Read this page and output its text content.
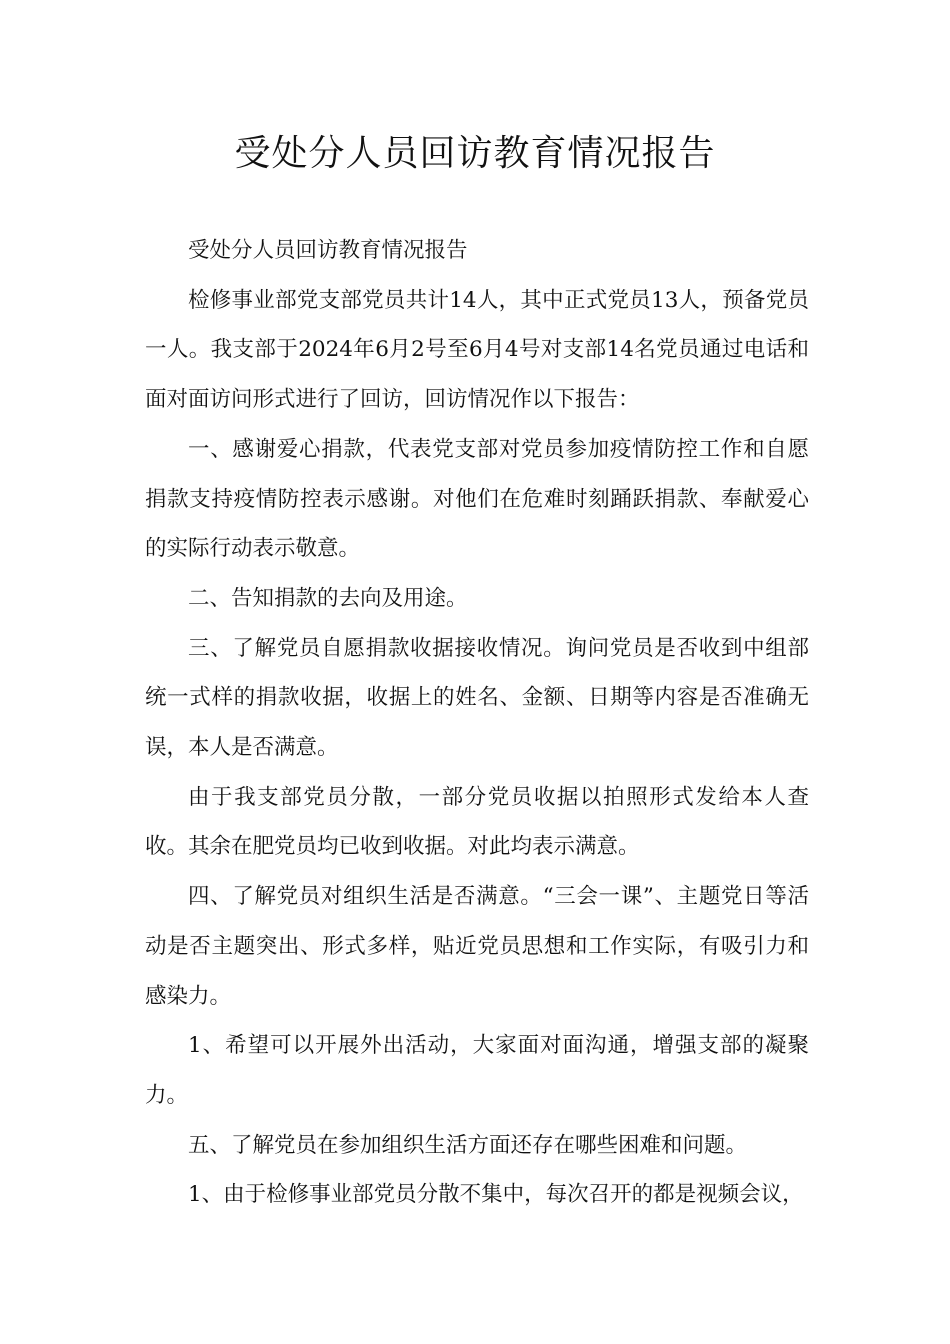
受处分人员回访教育情况报告

受处分人员回访教育情况报告

检修事业部党支部党员共计14人，其中正式党员13人，预备党员一人。我支部于2024年6月2号至6月4号对支部14名党员通过电话和面对面访问形式进行了回访，回访情况作以下报告：

一、感谢爱心捐款，代表党支部对党员参加疫情防控工作和自愿捐款支持疫情防控表示感谢。对他们在危难时刻踊跃捐款、奉献爱心的实际行动表示敬意。

二、告知捐款的去向及用途。

三、了解党员自愿捐款收据接收情况。询问党员是否收到中组部统一式样的捐款收据，收据上的姓名、金额、日期等内容是否准确无误，本人是否满意。

由于我支部党员分散，一部分党员收据以拍照形式发给本人查收。其余在肥党员均已收到收据。对此均表示满意。

四、了解党员对组织生活是否满意。“三会一课”、主题党日等活动是否主题突出、形式多样，贴近党员思想和工作实际，有吸引力和感染力。

1、希望可以开展外出活动，大家面对面沟通，增强支部的凝聚力。

五、了解党员在参加组织生活方面还存在哪些困难和问题。

1、由于检修事业部党员分散不集中，每次召开的都是视频会议，
